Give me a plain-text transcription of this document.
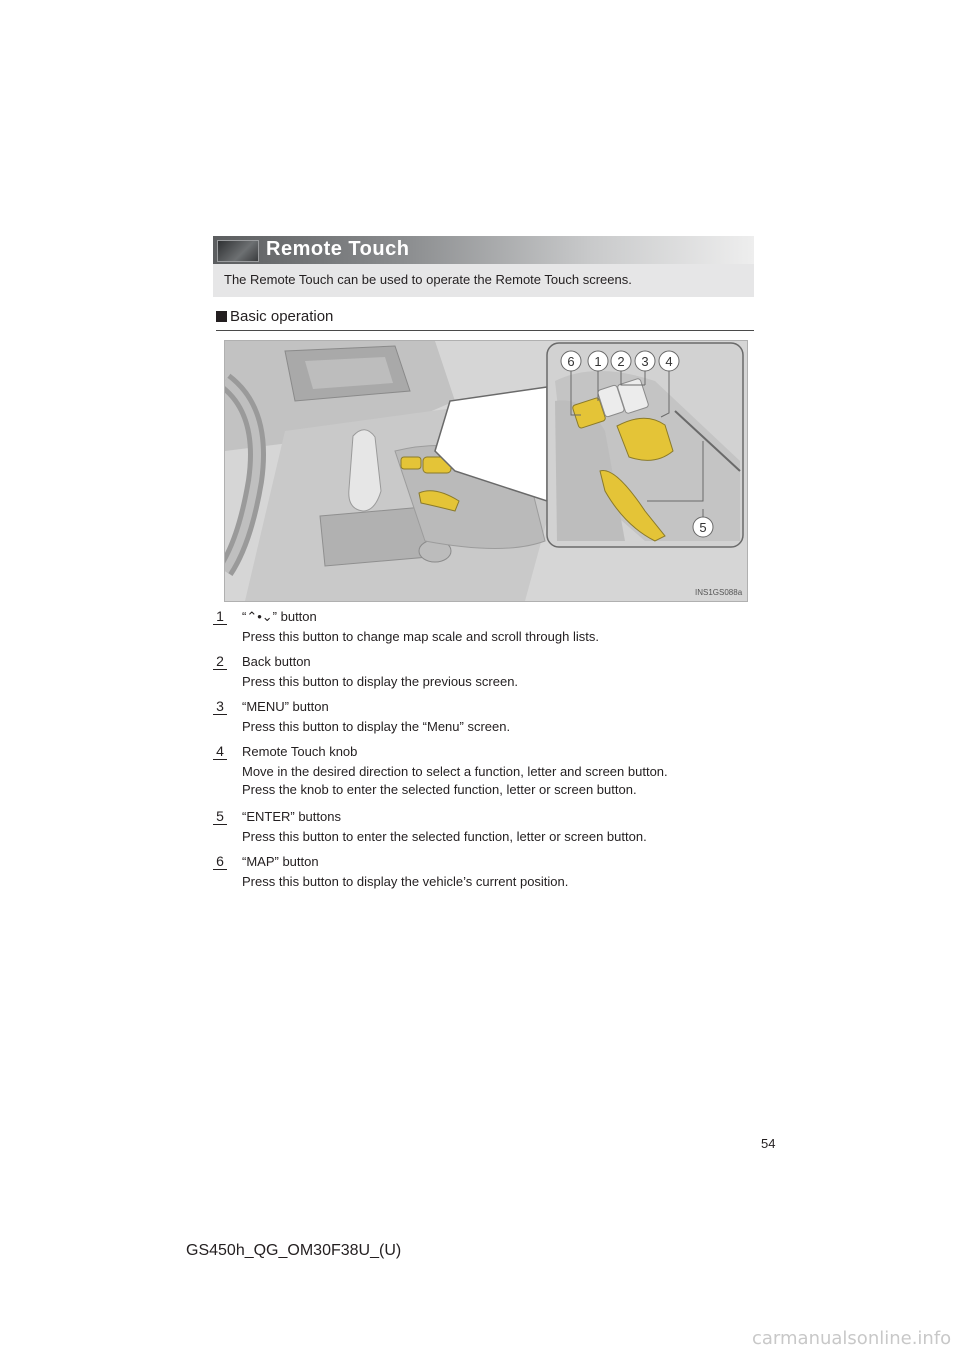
Remote Touch
The Remote Touch can be used to operate the Remote Touch screens.
Basic operation
6 1 2 3 4
5
INS1GS088a
1 “⌃•⌄” button
Press this button to change map scale and scroll through lists.
2 Back button
Press this button to display the previous screen.
3 “MENU” button
Press this button to display the “Menu” screen.
4 Remote Touch knob
Move in the desired direction to select a function, letter and screen button.
Press the knob to enter the selected function, letter or screen button.
5 “ENTER” buttons
Press this button to enter the selected function, letter or screen button.
6 “MAP” button
Press this button to display the vehicle’s current position.
54
GS450h_QG_OM30F38U_(U)
carmanualsonline.info
